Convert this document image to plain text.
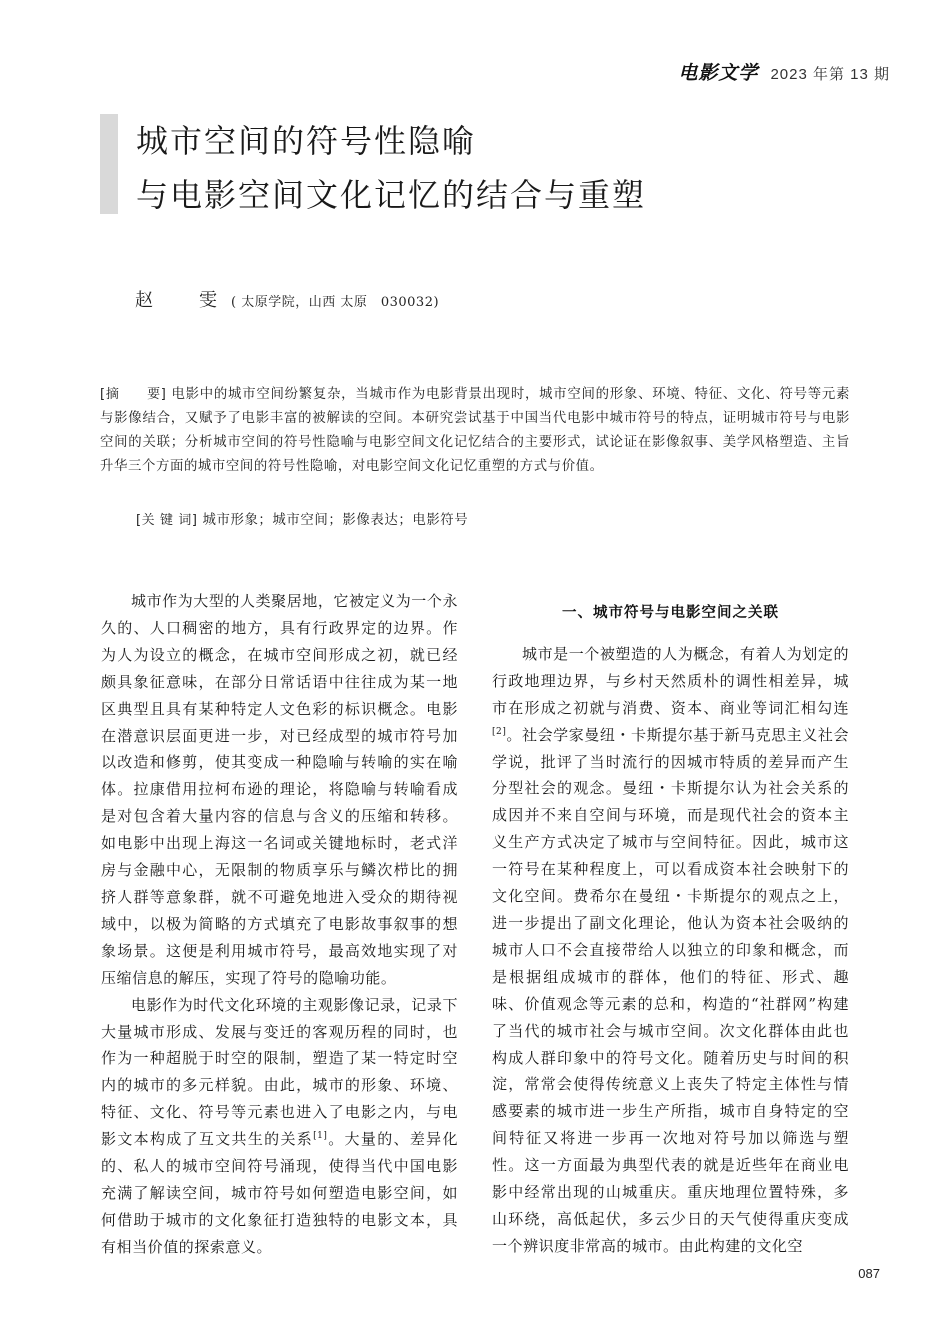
电影文学 2023 年第 13 期
城市空间的符号性隐喻
与电影空间文化记忆的结合与重塑
赵　雯( 太原学院，山西 太原　030032)

[摘　　要] 电影中的城市空间纷繁复杂，当城市作为电影背景出现时，城市空间的形象、环境、特征、文化、符号等元素与影像结合，又赋予了电影丰富的被解读的空间。本研究尝试基于中国当代电影中城市符号的特点，证明城市符号与电影空间的关联；分析城市空间的符号性隐喻与电影空间文化记忆结合的主要形式，试论证在影像叙事、美学风格塑造、主旨升华三个方面的城市空间的符号性隐喻，对电影空间文化记忆重塑的方式与价值。

[关 键 词] 城市形象；城市空间；影像表达；电影符号

城市作为大型的人类聚居地，它被定义为一个永久的、人口稠密的地方，具有行政界定的边界。作为人为设立的概念，在城市空间形成之初，就已经颇具象征意味，在部分日常话语中往往成为某一地区典型且具有某种特定人文色彩的标识概念。电影在潜意识层面更进一步，对已经成型的城市符号加以改造和修剪，使其变成一种隐喻与转喻的实在喻体。拉康借用拉柯布逊的理论，将隐喻与转喻看成是对包含着大量内容的信息与含义的压缩和转移。如电影中出现上海这一名词或关键地标时，老式洋房与金融中心，无限制的物质享乐与鳞次栉比的拥挤人群等意象群，就不可避免地进入受众的期待视域中，以极为简略的方式填充了电影故事叙事的想象场景。这便是利用城市符号，最高效地实现了对压缩信息的解压，实现了符号的隐喻功能。

电影作为时代文化环境的主观影像记录，记录下大量城市形成、发展与变迁的客观历程的同时，也作为一种超脱于时空的限制，塑造了某一特定时空内的城市的多元样貌。由此，城市的形象、环境、特征、文化、符号等元素也进入了电影之内，与电影文本构成了互文共生的关系[1]。大量的、差异化的、私人的城市空间符号涌现，使得当代中国电影充满了解读空间，城市符号如何塑造电影空间，如何借助于城市的文化象征打造独特的电影文本，具有相当价值的探索意义。

一、城市符号与电影空间之关联

城市是一个被塑造的人为概念，有着人为划定的行政地理边界，与乡村天然质朴的调性相差异，城市在形成之初就与消费、资本、商业等词汇相勾连[2]。社会学家曼纽・卡斯提尔基于新马克思主义社会学说，批评了当时流行的因城市特质的差异而产生分型社会的观念。曼纽・卡斯提尔认为社会关系的成因并不来自空间与环境，而是现代社会的资本主义生产方式决定了城市与空间特征。因此，城市这一符号在某种程度上，可以看成资本社会映射下的文化空间。费希尔在曼纽・卡斯提尔的观点之上，进一步提出了副文化理论，他认为资本社会吸纳的城市人口不会直接带给人以独立的印象和概念，而是根据组成城市的群体，他们的特征、形式、趣味、价值观念等元素的总和，构造的“社群网”构建了当代的城市社会与城市空间。次文化群体由此也构成人群印象中的符号文化。随着历史与时间的积淀，常常会使得传统意义上丧失了特定主体性与情感要素的城市进一步生产所指，城市自身特定的空间特征又将进一步再一次地对符号加以筛选与塑性。这一方面最为典型代表的就是近些年在商业电影中经常出现的山城重庆。重庆地理位置特殊，多山环绕，高低起伏，多云少日的天气使得重庆变成一个辨识度非常高的城市。由此构建的文化空

087
